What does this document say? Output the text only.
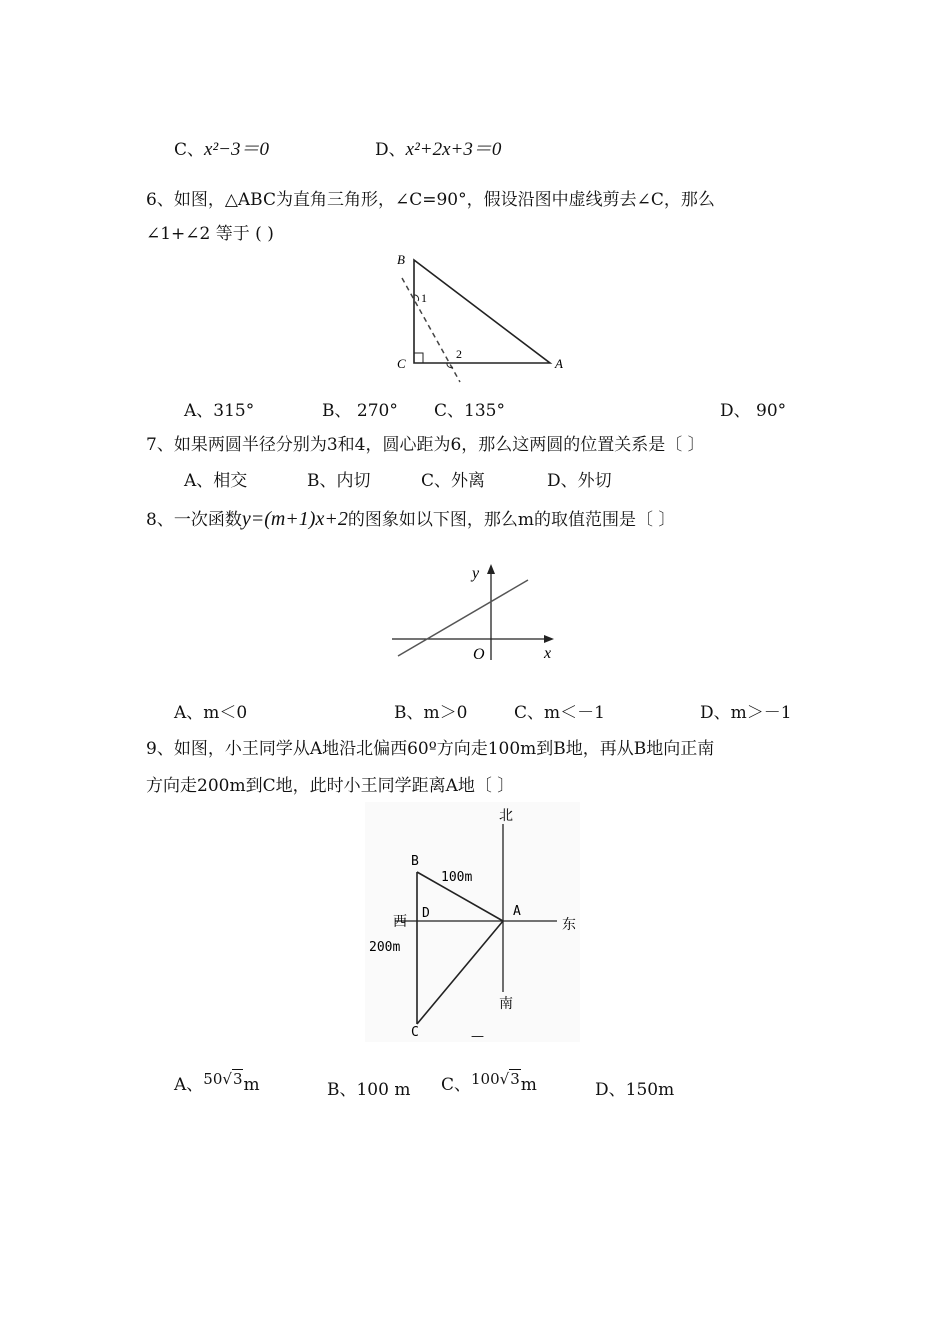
C、x²−3＝0	D、x²+2x+3＝0
6、如图，△ABC为直角三角形，∠C=90°，假设沿图中虚线剪去∠C，那么
∠1+∠2 等于 ( )
B
C	A
1
2
A、315°	B、 270° C、135°	D、 90°
7、如果两圆半径分别为3和4，圆心距为6，那么这两圆的位置关系是〔 〕
A、相交	B、内切	C、外离	D、外切
8、一次函数y=(m+1)x+2的图象如以下图，那么m的取值范围是〔 〕
y
x
O
A、m＜0	B、m＞0	C、m＜－1	D、m＞－1
9、如图，小王同学从A地沿北偏西60º方向走100m到B地，再从B地向正南
方向走200m到C地，此时小王同学距离A地〔 〕
北
南
西	东
B
D	A
C
100m
200m
—
A、50√3m	B、100 m C、100√3m	D、150m
